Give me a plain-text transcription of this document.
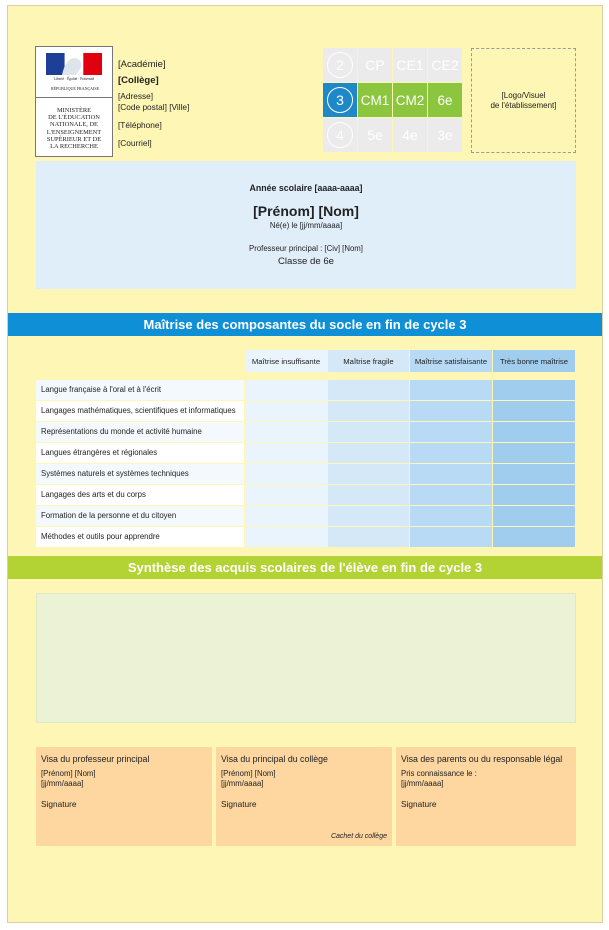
Liberté · Égalité · Fraternité
RÉPUBLIQUE FRANÇAISE
MINISTÈRE
DE L'ÉDUCATION
NATIONALE, DE
L'ENSEIGNEMENT
SUPÉRIEUR ET DE
LA RECHERCHE
[Académie]
[Collège]
[Adresse]
[Code postal] [Ville]
[Téléphone]
[Courriel]
2	CP CE1 CE2
3	CM1 CM2 6e
4	5e	4e	3e
[Logo/Visuel
de l'établissement]
Année scolaire [aaaa-aaaa]
[Prénom] [Nom]
Né(e) le [jj/mm/aaaa]
Professeur principal : [Civ] [Nom]
Classe de 6e
Maîtrise des composantes du socle en fin de cycle 3
Maîtrise insuffisante	Maîtrise fragile	Maîtrise satisfaisante	Très bonne maîtrise
Langue française à l'oral et à l'écrit
Langages mathématiques, scientifiques et informatiques
Représentations du monde et activité humaine
Langues étrangères et régionales
Systèmes naturels et systèmes techniques
Langages des arts et du corps
Formation de la personne et du citoyen
Méthodes et outils pour apprendre
Synthèse des acquis scolaires de l'élève en fin de cycle 3
Visa du professeur principal
[Prénom] [Nom]
[jj/mm/aaaa]
Signature
Visa du principal du collège
[Prénom] [Nom]
[jj/mm/aaaa]
Signature
Cachet du collège
Visa des parents ou du responsable légal
Pris connaissance le :
[jj/mm/aaaa]
Signature
